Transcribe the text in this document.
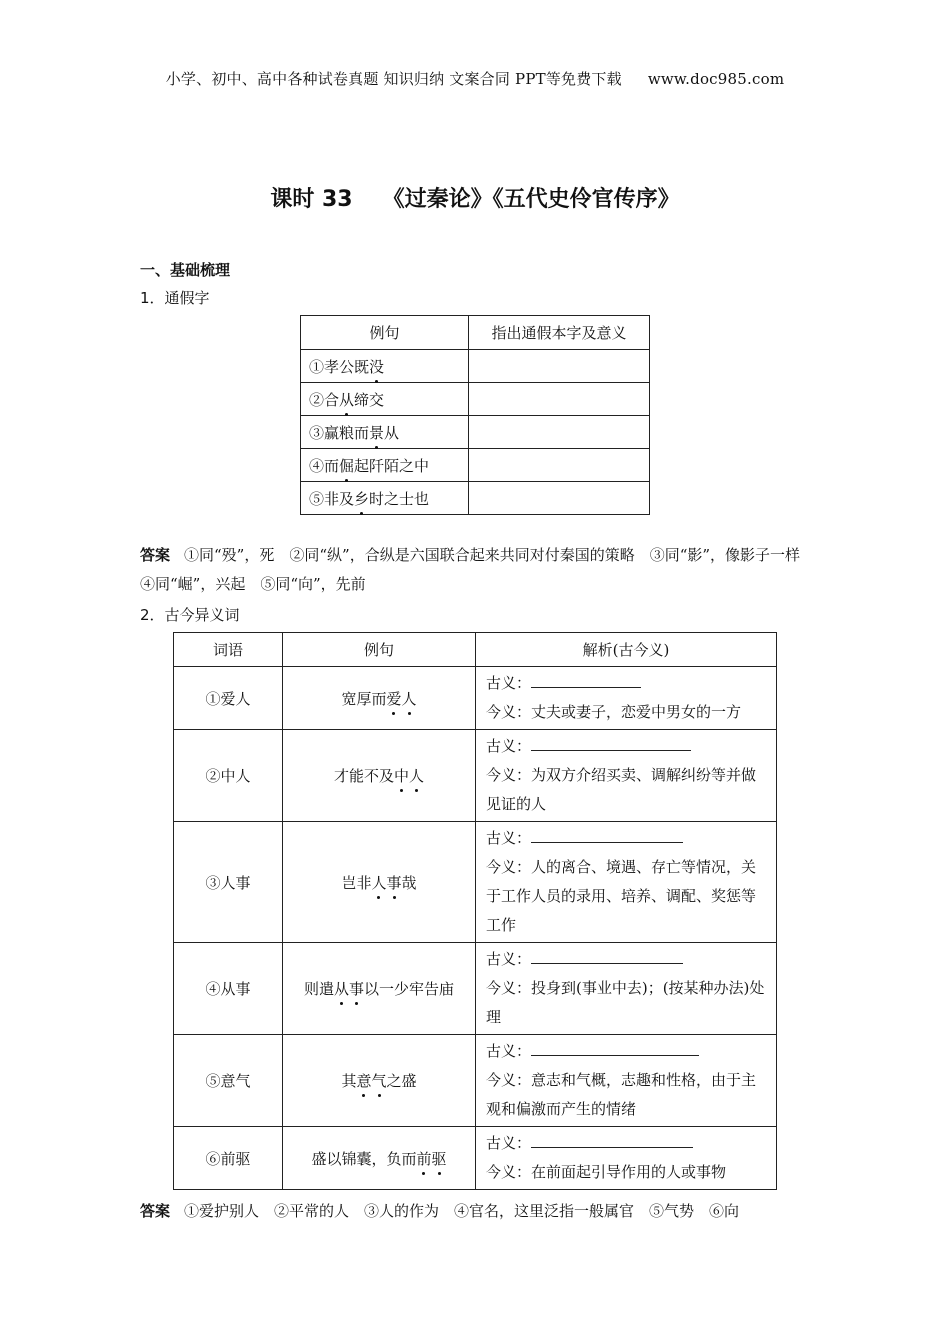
小学、初中、高中各种试卷真题 知识归纳 文案合同 PPT等免费下载 www.doc985.com
课时 33 《过秦论》《五代史伶官传序》
一、基础梳理
1．通假字
例句	指出通假本字及意义
①孝公既没	
②合从缔交	
③赢粮而景从	
④而倔起阡陌之中	
⑤非及乡时之士也	
答案 ①同“殁”，死　②同“纵”，合纵是六国联合起来共同对付秦国的策略　③同“影”，像影子一样　④同“崛”，兴起　⑤同“向”，先前
2．古今异义词
词语	例句	解析(古今义)
①爱人	宽厚而爱人	古义：
今义：丈夫或妻子，恋爱中男女的一方

②中人	才能不及中人	古义：
今义：为双方介绍买卖、调解纠纷等并做见证的人

③人事	岂非人事哉	古义：
今义：人的离合、境遇、存亡等情况，关于工作人员的录用、培养、调配、奖惩等工作

④从事	则遣从事以一少牢告庙	古义：
今义：投身到(事业中去)；(按某种办法)处理

⑤意气	其意气之盛	古义：
今义：意志和气概，志趣和性格，由于主观和偏激而产生的情绪

⑥前驱	盛以锦囊，负而前驱	古义：
今义：在前面起引导作用的人或事物
答案 ①爱护别人　②平常的人　③人的作为　④官名，这里泛指一般属官　⑤气势　⑥向
